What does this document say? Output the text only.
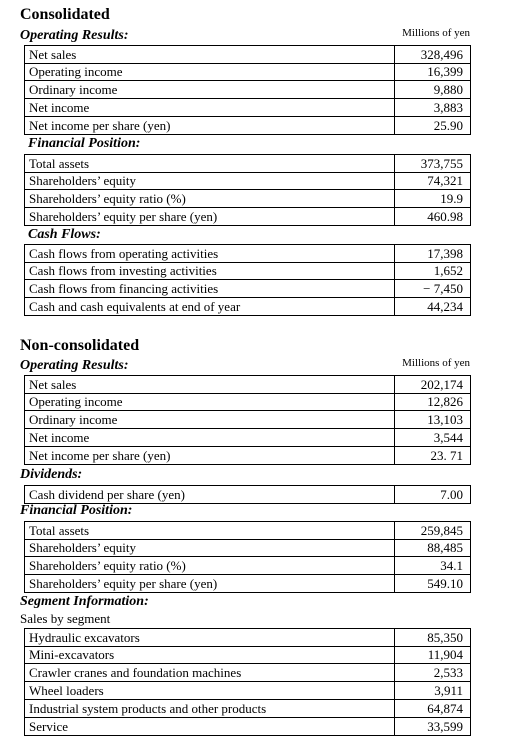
Consolidated
Operating Results:	Millions of yen
Net sales	328,496
Operating income	16,399
Ordinary income	9,880
Net income	3,883
Net income per share (yen)	25.90
Financial Position:
Total assets	373,755
Shareholders’ equity	74,321
Shareholders’ equity ratio (%)	19.9
Shareholders’ equity per share (yen)	460.98
Cash Flows:
Cash flows from operating activities	17,398
Cash flows from investing activities	1,652
Cash flows from financing activities	− 7,450
Cash and cash equivalents at end of year	44,234
Non-consolidated
Operating Results:	Millions of yen
Net sales	202,174
Operating income	12,826
Ordinary income	13,103
Net income	3,544
Net income per share (yen)	23. 71
Dividends:
Cash dividend per share (yen)	7.00
Financial Position:
Total assets	259,845
Shareholders’ equity	88,485
Shareholders’ equity ratio (%)	34.1
Shareholders’ equity per share (yen)	549.10
Segment Information:
Sales by segment
Hydraulic excavators	85,350
Mini-excavators	11,904
Crawler cranes and foundation machines	2,533
Wheel loaders	3,911
Industrial system products and other products	64,874
Service	33,599
